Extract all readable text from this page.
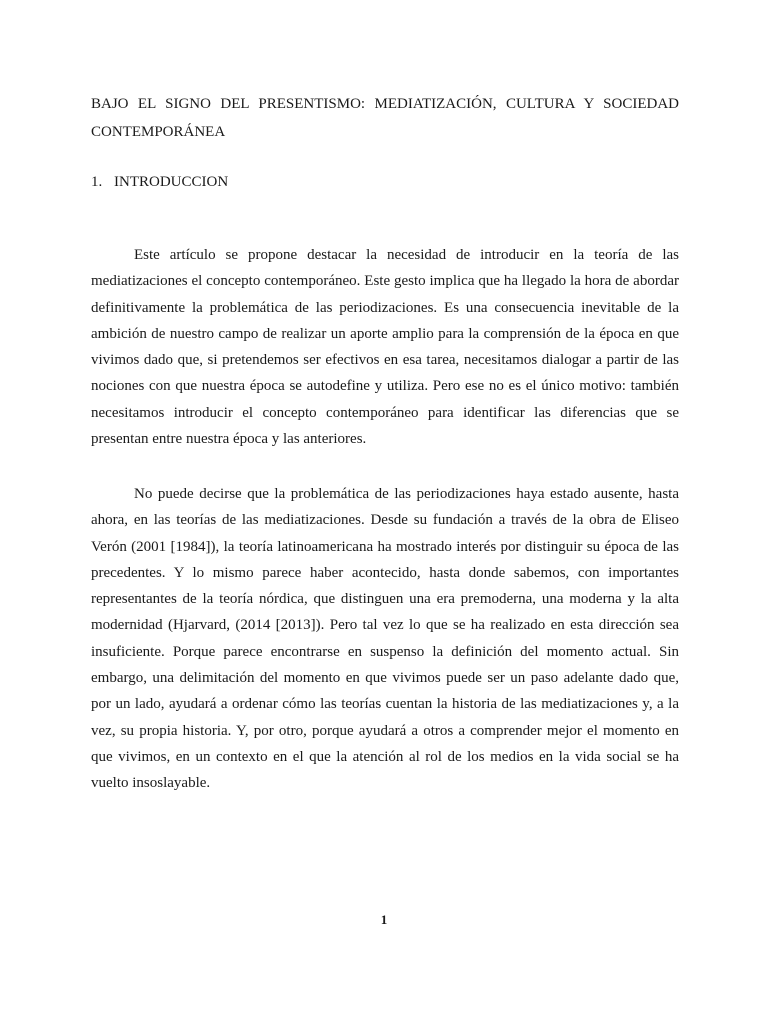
BAJO EL SIGNO DEL PRESENTISMO: MEDIATIZACIÓN, CULTURA Y SOCIEDAD
CONTEMPORÁNEA
1. INTRODUCCION

Este artículo se propone destacar la necesidad de introducir en la teoría de las mediatizaciones el concepto contemporáneo. Este gesto implica que ha llegado la hora de abordar definitivamente la problemática de las periodizaciones. Es una consecuencia inevitable de la ambición de nuestro campo de realizar un aporte amplio para la comprensión de la época en que vivimos dado que, si pretendemos ser efectivos en esa tarea, necesitamos dialogar a partir de las nociones con que nuestra época se autodefine y utiliza. Pero ese no es el único motivo: también necesitamos introducir el concepto contemporáneo para identificar las diferencias que se presentan entre nuestra época y las anteriores.

No puede decirse que la problemática de las periodizaciones haya estado ausente, hasta ahora, en las teorías de las mediatizaciones. Desde su fundación a través de la obra de Eliseo Verón (2001 [1984]), la teoría latinoamericana ha mostrado interés por distinguir su época de las precedentes. Y lo mismo parece haber acontecido, hasta donde sabemos, con importantes representantes de la teoría nórdica, que distinguen una era premoderna, una moderna y la alta modernidad (Hjarvard, (2014 [2013]). Pero tal vez lo que se ha realizado en esta dirección sea insuficiente. Porque parece encontrarse en suspenso la definición del momento actual. Sin embargo, una delimitación del momento en que vivimos puede ser un paso adelante dado que, por un lado, ayudará a ordenar cómo las teorías cuentan la historia de las mediatizaciones y, a la vez, su propia historia. Y, por otro, porque ayudará a otros a comprender mejor el momento en que vivimos, en un contexto en el que la atención al rol de los medios en la vida social se ha vuelto insoslayable.

1
